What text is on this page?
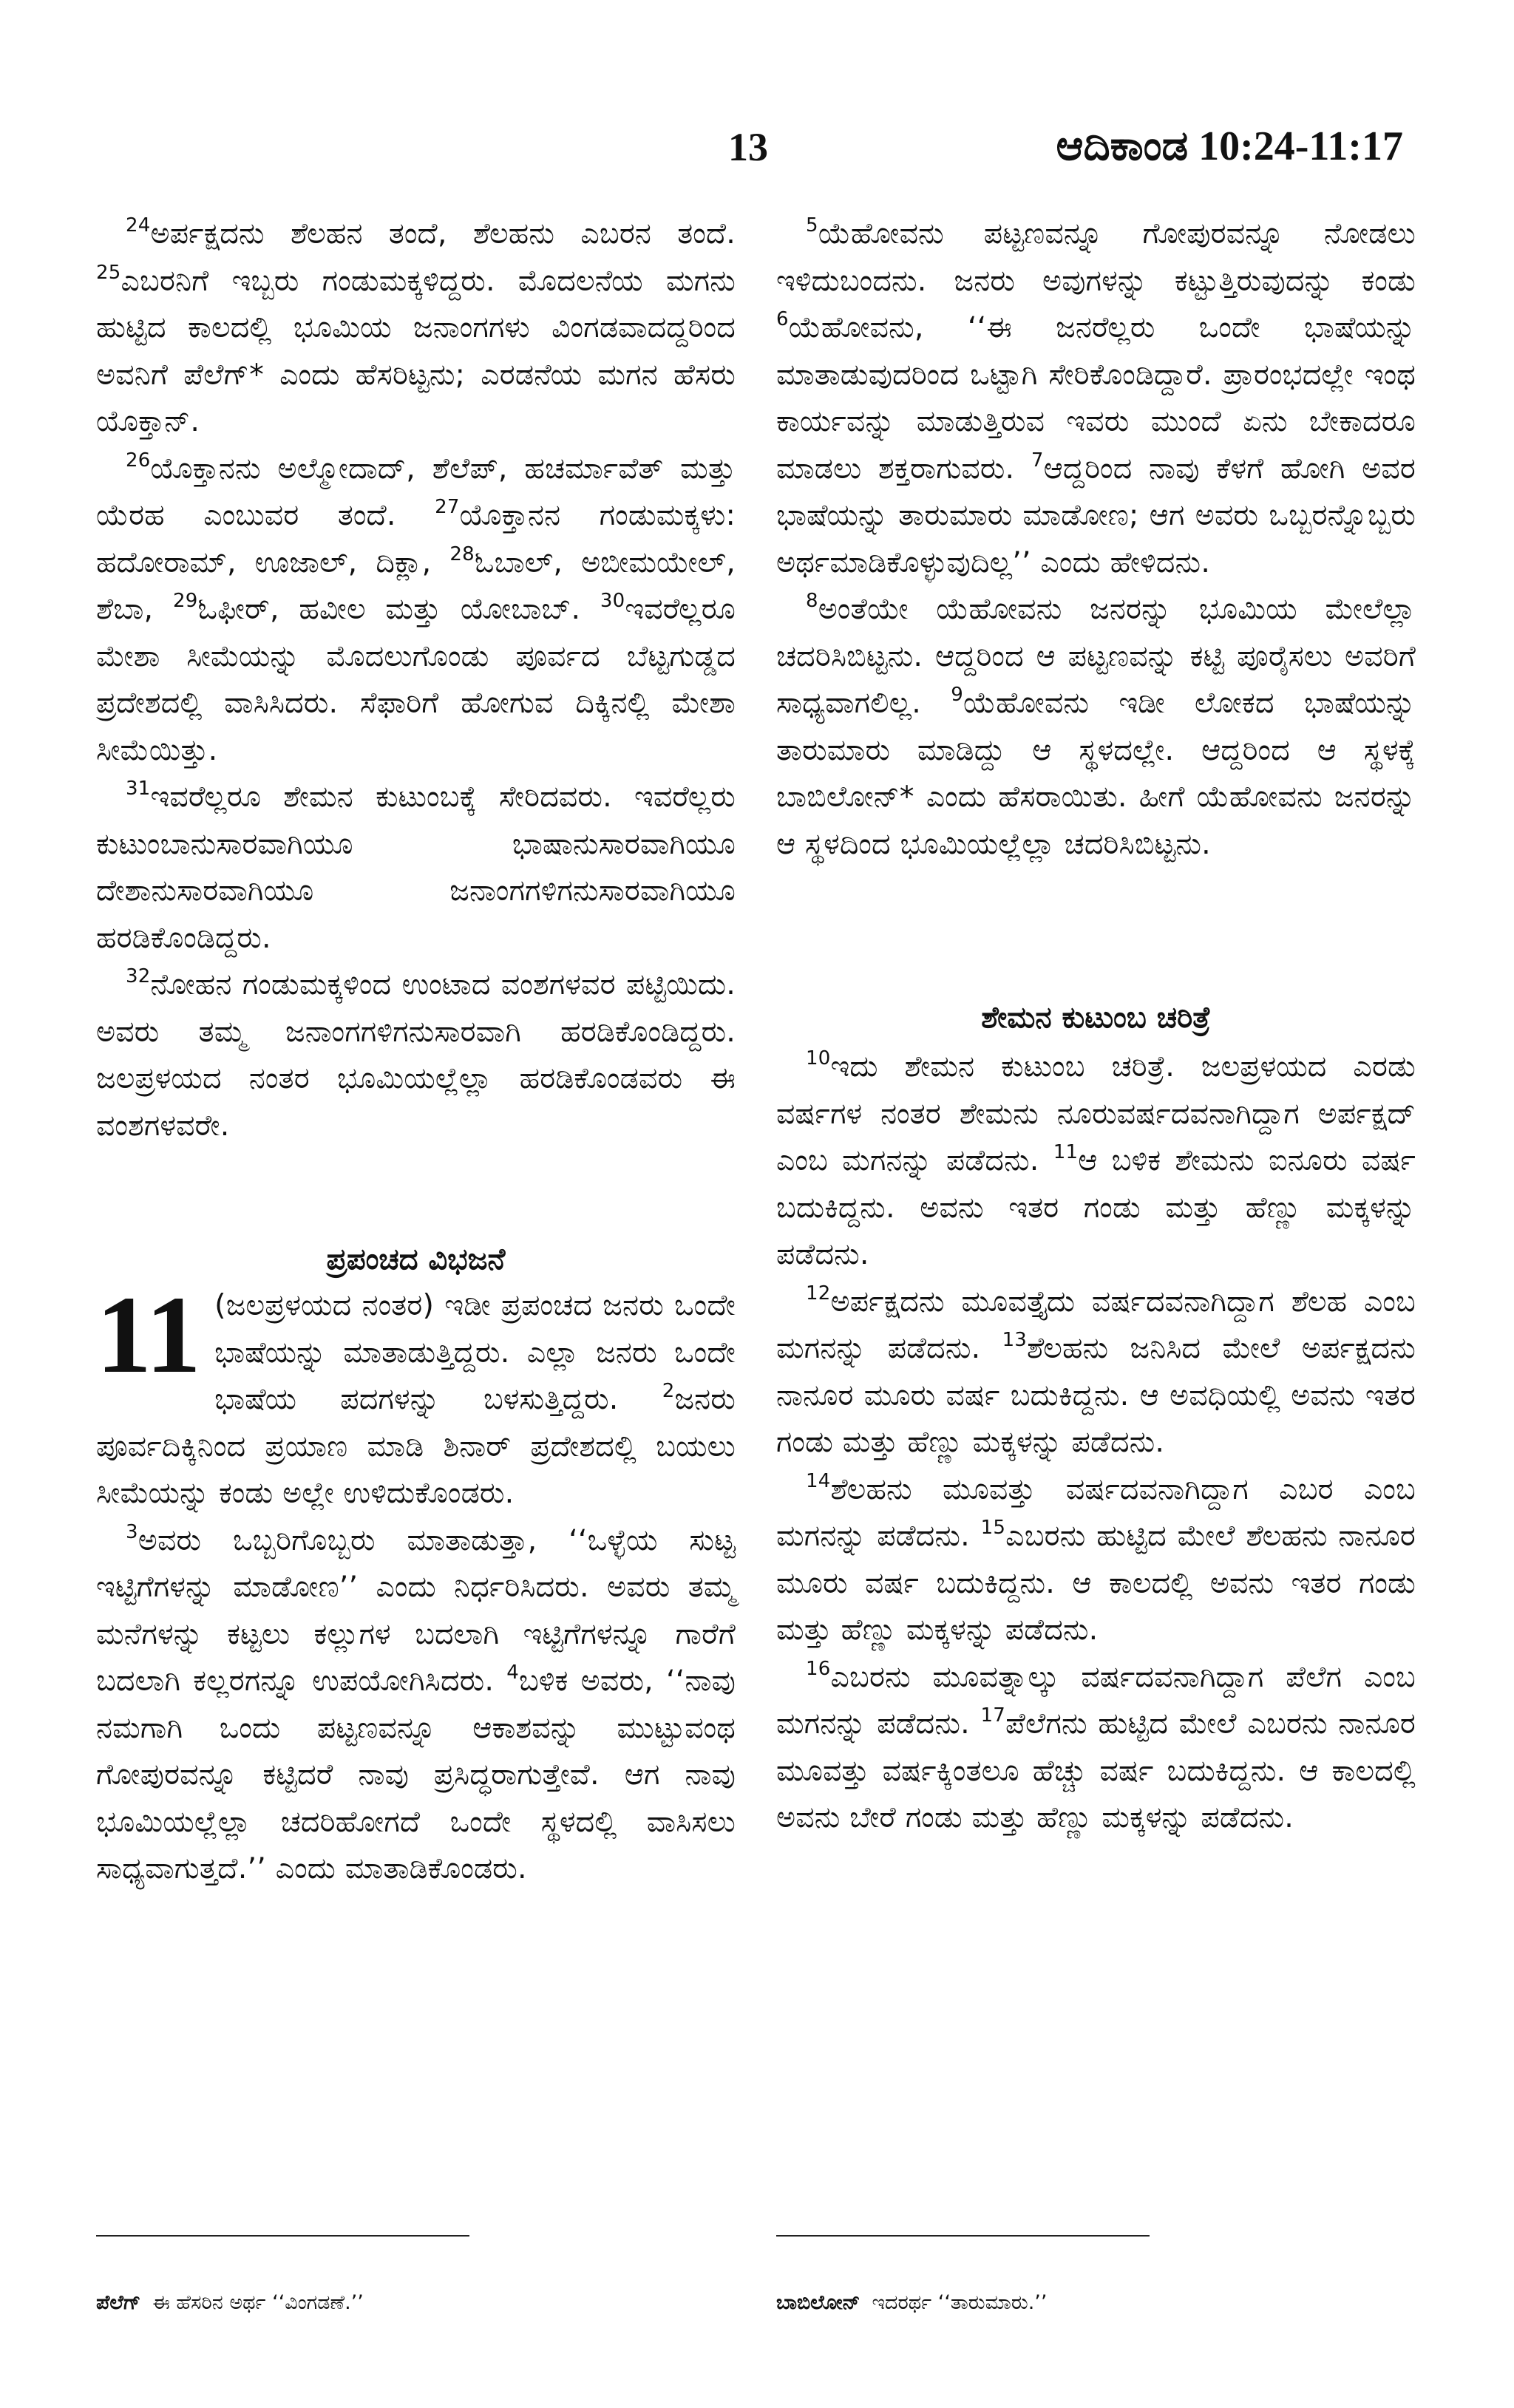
13	ಆದಿಕಾಂಡ 10:24-11:17

$^{24}$ಅರ್ಪಕ್ಷದನು ಶೆಲಹನ ತಂದೆ, ಶೆಲಹನು ಎಬರನ ತಂದೆ. $^{25}$ಎಬರನಿಗೆ ಇಬ್ಬರು ಗಂಡುಮಕ್ಕಳಿದ್ದರು. ಮೊದಲನೆಯ ಮಗನು ಹುಟ್ಟಿದ ಕಾಲದಲ್ಲಿ ಭೂಮಿಯ ಜನಾಂಗಗಳು ವಿಂಗಡವಾದದ್ದರಿಂದ ಅವನಿಗೆ ಪೆಲೆಗ್* ಎಂದು ಹೆಸರಿಟ್ಟನು; ಎರಡನೆಯ ಮಗನ ಹೆಸರು ಯೊಕ್ತಾನ್.

$^{26}$ಯೊಕ್ತಾನನು ಅಲ್ಮೋದಾದ್, ಶೆಲೆಪ್, ಹಚರ್ಮಾವೆತ್ ಮತ್ತು ಯೆರಹ ಎಂಬುವರ ತಂದೆ. $^{27}$ಯೊಕ್ತಾನನ ಗಂಡುಮಕ್ಕಳು: ಹದೋರಾಮ್, ಊಜಾಲ್, ದಿಕ್ಲಾ, $^{28}$ಓಬಾಲ್, ಅಬೀಮಯೇಲ್, ಶೆಬಾ, $^{29}$ಓಫೀರ್, ಹವೀಲ ಮತ್ತು ಯೋಬಾಬ್. $^{30}$ಇವರೆಲ್ಲರೂ ಮೇಶಾ ಸೀಮೆಯನ್ನು ಮೊದಲುಗೊಂಡು ಪೂರ್ವದ ಬೆಟ್ಟಗುಡ್ಡದ ಪ್ರದೇಶದಲ್ಲಿ ವಾಸಿಸಿದರು. ಸೆಫಾರಿಗೆ ಹೋಗುವ ದಿಕ್ಕಿನಲ್ಲಿ ಮೇಶಾ ಸೀಮೆಯಿತ್ತು.

$^{31}$ಇವರೆಲ್ಲರೂ ಶೇಮನ ಕುಟುಂಬಕ್ಕೆ ಸೇರಿದವರು. ಇವರೆಲ್ಲರು ಕುಟುಂಬಾನುಸಾರವಾಗಿಯೂ ಭಾಷಾನುಸಾರವಾಗಿಯೂ ದೇಶಾನುಸಾರವಾಗಿಯೂ ಜನಾಂಗಗಳಿಗನುಸಾರವಾಗಿಯೂ ಹರಡಿಕೊಂಡಿದ್ದರು.

$^{32}$ನೋಹನ ಗಂಡುಮಕ್ಕಳಿಂದ ಉಂಟಾದ ವಂಶಗಳವರ ಪಟ್ಟಿಯಿದು. ಅವರು ತಮ್ಮ ಜನಾಂಗಗಳಿಗನುಸಾರವಾಗಿ ಹರಡಿಕೊಂಡಿದ್ದರು. ಜಲಪ್ರಳಯದ ನಂತರ ಭೂಮಿಯಲ್ಲೆಲ್ಲಾ ಹರಡಿಕೊಂಡವರು ಈ ವಂಶಗಳವರೇ.

ಪ್ರಪಂಚದ ವಿಭಜನೆ

11 (ಜಲಪ್ರಳಯದ ನಂತರ) ಇಡೀ ಪ್ರಪಂಚದ ಜನರು ಒಂದೇ ಭಾಷೆಯನ್ನು ಮಾತಾಡುತ್ತಿದ್ದರು. ಎಲ್ಲಾ ಜನರು ಒಂದೇ ಭಾಷೆಯ ಪದಗಳನ್ನು ಬಳಸುತ್ತಿದ್ದರು. $^2$ಜನರು ಪೂರ್ವದಿಕ್ಕಿನಿಂದ ಪ್ರಯಾಣ ಮಾಡಿ ಶಿನಾರ್ ಪ್ರದೇಶದಲ್ಲಿ ಬಯಲು ಸೀಮೆಯನ್ನು ಕಂಡು ಅಲ್ಲೇ ಉಳಿದುಕೊಂಡರು.

$^3$ಅವರು ಒಬ್ಬರಿಗೊಬ್ಬರು ಮಾತಾಡುತ್ತಾ, ‘‘ಒಳ್ಳೆಯ ಸುಟ್ಟ ಇಟ್ಟಿಗೆಗಳನ್ನು ಮಾಡೋಣ’’ ಎಂದು ನಿರ್ಧರಿಸಿದರು. ಅವರು ತಮ್ಮ ಮನೆಗಳನ್ನು ಕಟ್ಟಲು ಕಲ್ಲುಗಳ ಬದಲಾಗಿ ಇಟ್ಟಿಗೆಗಳನ್ನೂ ಗಾರೆಗೆ ಬದಲಾಗಿ ಕಲ್ಲರಗನ್ನೂ ಉಪಯೋಗಿಸಿದರು. $^4$ಬಳಿಕ ಅವರು, ‘‘ನಾವು ನಮಗಾಗಿ ಒಂದು ಪಟ್ಟಣವನ್ನೂ ಆಕಾಶವನ್ನು ಮುಟ್ಟುವಂಥ ಗೋಪುರವನ್ನೂ ಕಟ್ಟಿದರೆ ನಾವು ಪ್ರಸಿದ್ಧರಾಗುತ್ತೇವೆ. ಆಗ ನಾವು ಭೂಮಿಯಲ್ಲೆಲ್ಲಾ ಚದರಿಹೋಗದೆ ಒಂದೇ ಸ್ಥಳದಲ್ಲಿ ವಾಸಿಸಲು ಸಾಧ್ಯವಾಗುತ್ತದೆ.’’ ಎಂದು ಮಾತಾಡಿಕೊಂಡರು.

$^5$ಯೆಹೋವನು ಪಟ್ಟಣವನ್ನೂ ಗೋಪುರವನ್ನೂ ನೋಡಲು ಇಳಿದುಬಂದನು. ಜನರು ಅವುಗಳನ್ನು ಕಟ್ಟುತ್ತಿರುವುದನ್ನು ಕಂಡು $^6$ಯೆಹೋವನು, ‘‘ಈ ಜನರೆಲ್ಲರು ಒಂದೇ ಭಾಷೆಯನ್ನು ಮಾತಾಡುವುದರಿಂದ ಒಟ್ಟಾಗಿ ಸೇರಿಕೊಂಡಿದ್ದಾರೆ. ಪ್ರಾರಂಭದಲ್ಲೇ ಇಂಥ ಕಾರ್ಯವನ್ನು ಮಾಡುತ್ತಿರುವ ಇವರು ಮುಂದೆ ಏನು ಬೇಕಾದರೂ ಮಾಡಲು ಶಕ್ತರಾಗುವರು. $^7$ಆದ್ದರಿಂದ ನಾವು ಕೆಳಗೆ ಹೋಗಿ ಅವರ ಭಾಷೆಯನ್ನು ತಾರುಮಾರು ಮಾಡೋಣ; ಆಗ ಅವರು ಒಬ್ಬರನ್ನೊಬ್ಬರು ಅರ್ಥಮಾಡಿಕೊಳ್ಳುವುದಿಲ್ಲ’’ ಎಂದು ಹೇಳಿದನು.

$^8$ಅಂತೆಯೇ ಯೆಹೋವನು ಜನರನ್ನು ಭೂಮಿಯ ಮೇಲೆಲ್ಲಾ ಚದರಿಸಿಬಿಟ್ಟನು. ಆದ್ದರಿಂದ ಆ ಪಟ್ಟಣವನ್ನು ಕಟ್ಟಿ ಪೂರೈಸಲು ಅವರಿಗೆ ಸಾಧ್ಯವಾಗಲಿಲ್ಲ. $^9$ಯೆಹೋವನು ಇಡೀ ಲೋಕದ ಭಾಷೆಯನ್ನು ತಾರುಮಾರು ಮಾಡಿದ್ದು ಆ ಸ್ಥಳದಲ್ಲೇ. ಆದ್ದರಿಂದ ಆ ಸ್ಥಳಕ್ಕೆ ಬಾಬಿಲೋನ್* ಎಂದು ಹೆಸರಾಯಿತು. ಹೀಗೆ ಯೆಹೋವನು ಜನರನ್ನು ಆ ಸ್ಥಳದಿಂದ ಭೂಮಿಯಲ್ಲೆಲ್ಲಾ ಚದರಿಸಿಬಿಟ್ಟನು.

ಶೇಮನ ಕುಟುಂಬ ಚರಿತ್ರೆ

$^{10}$ಇದು ಶೇಮನ ಕುಟುಂಬ ಚರಿತ್ರೆ. ಜಲಪ್ರಳಯದ ಎರಡು ವರ್ಷಗಳ ನಂತರ ಶೇಮನು ನೂರುವರ್ಷದವನಾಗಿದ್ದಾಗ ಅರ್ಪಕ್ಷದ್ ಎಂಬ ಮಗನನ್ನು ಪಡೆದನು. $^{11}$ಆ ಬಳಿಕ ಶೇಮನು ಐನೂರು ವರ್ಷ ಬದುಕಿದ್ದನು. ಅವನು ಇತರ ಗಂಡು ಮತ್ತು ಹೆಣ್ಣು ಮಕ್ಕಳನ್ನು ಪಡೆದನು.

$^{12}$ಅರ್ಪಕ್ಷದನು ಮೂವತ್ತೈದು ವರ್ಷದವನಾಗಿದ್ದಾಗ ಶೆಲಹ ಎಂಬ ಮಗನನ್ನು ಪಡೆದನು. $^{13}$ಶೆಲಹನು ಜನಿಸಿದ ಮೇಲೆ ಅರ್ಪಕ್ಷದನು ನಾನೂರ ಮೂರು ವರ್ಷ ಬದುಕಿದ್ದನು. ಆ ಅವಧಿಯಲ್ಲಿ ಅವನು ಇತರ ಗಂಡು ಮತ್ತು ಹೆಣ್ಣು ಮಕ್ಕಳನ್ನು ಪಡೆದನು.

$^{14}$ಶೆಲಹನು ಮೂವತ್ತು ವರ್ಷದವನಾಗಿದ್ದಾಗ ಎಬರ ಎಂಬ ಮಗನನ್ನು ಪಡೆದನು. $^{15}$ಎಬರನು ಹುಟ್ಟಿದ ಮೇಲೆ ಶೆಲಹನು ನಾನೂರ ಮೂರು ವರ್ಷ ಬದುಕಿದ್ದನು. ಆ ಕಾಲದಲ್ಲಿ ಅವನು ಇತರ ಗಂಡು ಮತ್ತು ಹೆಣ್ಣು ಮಕ್ಕಳನ್ನು ಪಡೆದನು.

$^{16}$ಎಬರನು ಮೂವತ್ನಾಲ್ಕು ವರ್ಷದವನಾಗಿದ್ದಾಗ ಪೆಲೆಗ ಎಂಬ ಮಗನನ್ನು ಪಡೆದನು. $^{17}$ಪೆಲೆಗನು ಹುಟ್ಟಿದ ಮೇಲೆ ಎಬರನು ನಾನೂರ ಮೂವತ್ತು ವರ್ಷಕ್ಕಿಂತಲೂ ಹೆಚ್ಚು ವರ್ಷ ಬದುಕಿದ್ದನು. ಆ ಕಾಲದಲ್ಲಿ ಅವನು ಬೇರೆ ಗಂಡು ಮತ್ತು ಹೆಣ್ಣು ಮಕ್ಕಳನ್ನು ಪಡೆದನು.

ಪೆಲೆಗ್ ಈ ಹೆಸರಿನ ಅರ್ಥ ‘‘ವಿಂಗಡಣೆ.’’	ಬಾಬಿಲೋನ್ ಇದರರ್ಥ ‘‘ತಾರುಮಾರು.’’
